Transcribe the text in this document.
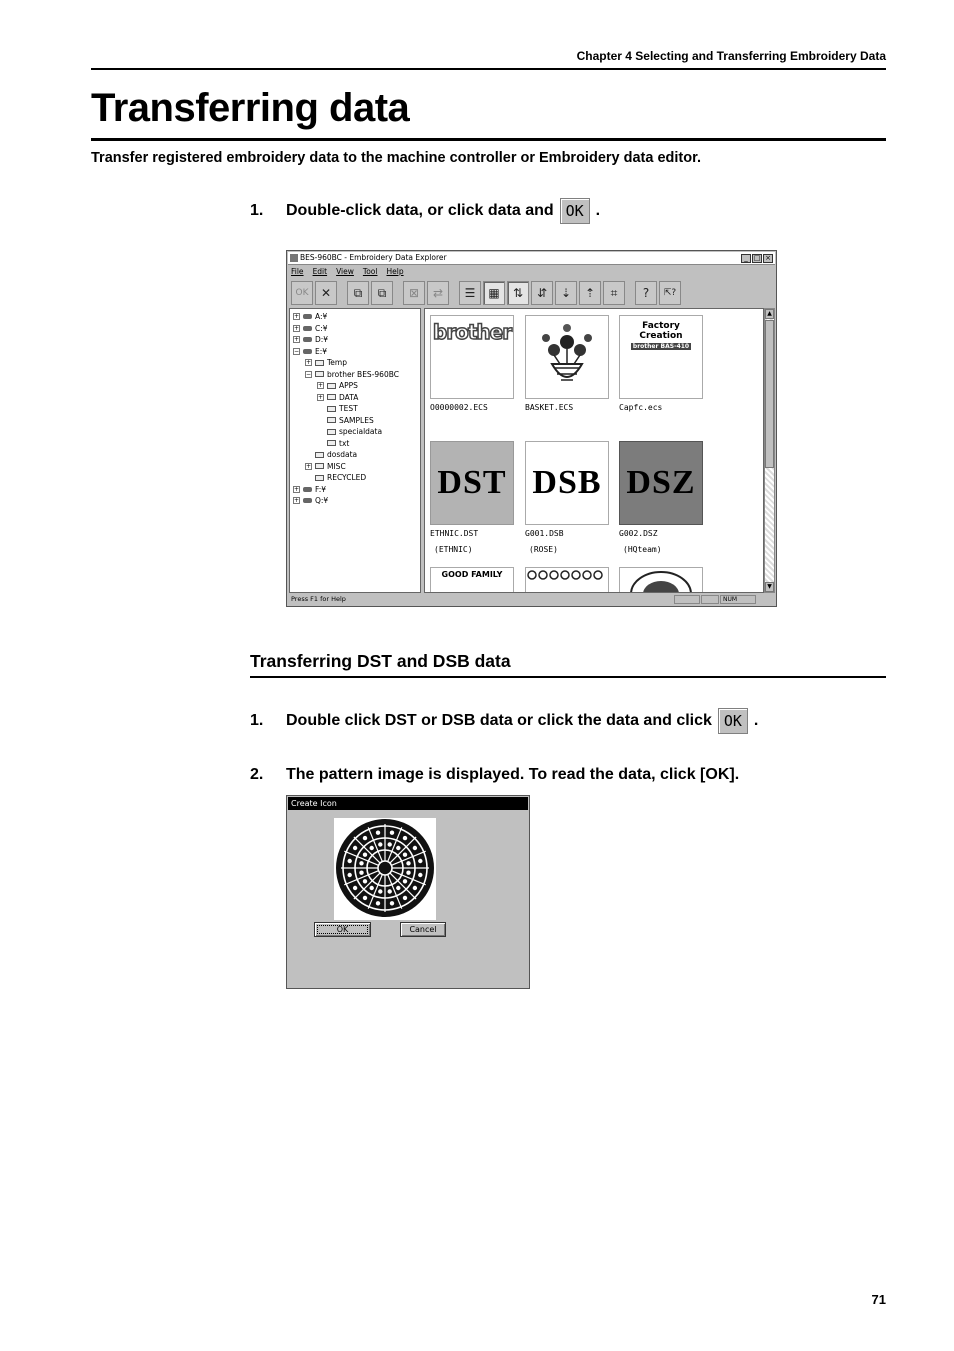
Chapter 4 Selecting and Transferring Embroidery Data
Transferring data

Transfer registered embroidery data to the machine controller or Embroidery data editor.

1.	Double-click data, or click data and OK .
BES-960BC - Embroidery Data Explorer	_ □ ×
File Edit View Tool Help
OK	✕	⧉	⧉	⊠	⇄	☰	▦	⇅	⇵	⇣	⇡	⌗	?	⇱?
+ A:¥
+ C:¥
+ D:¥
− E:¥
+ Temp
− brother BES-960BC
+ APPS
+ DATA
TEST
SAMPLES
specialdata
txt
dosdata
+ MISC
RECYCLED
+ F:¥
+ Q:¥
brother
O0000002.ECS	BASKET.ECS
Factory Creation
brother BAS-410
Capfc.ecs
DST
ETHNIC.DST
(ETHNIC)
DSB
G001.DSB
(ROSE)
DSZ
G002.DSZ
(HQteam)
GOOD FAMILY
▲
▼
Press F1 for Help	NUM
Transferring DST and DSB data
1.	Double click DST or DSB data or click the data and click OK .
2.	The pattern image is displayed. To read the data, click [OK].
Create Icon
OK	Cancel
71
